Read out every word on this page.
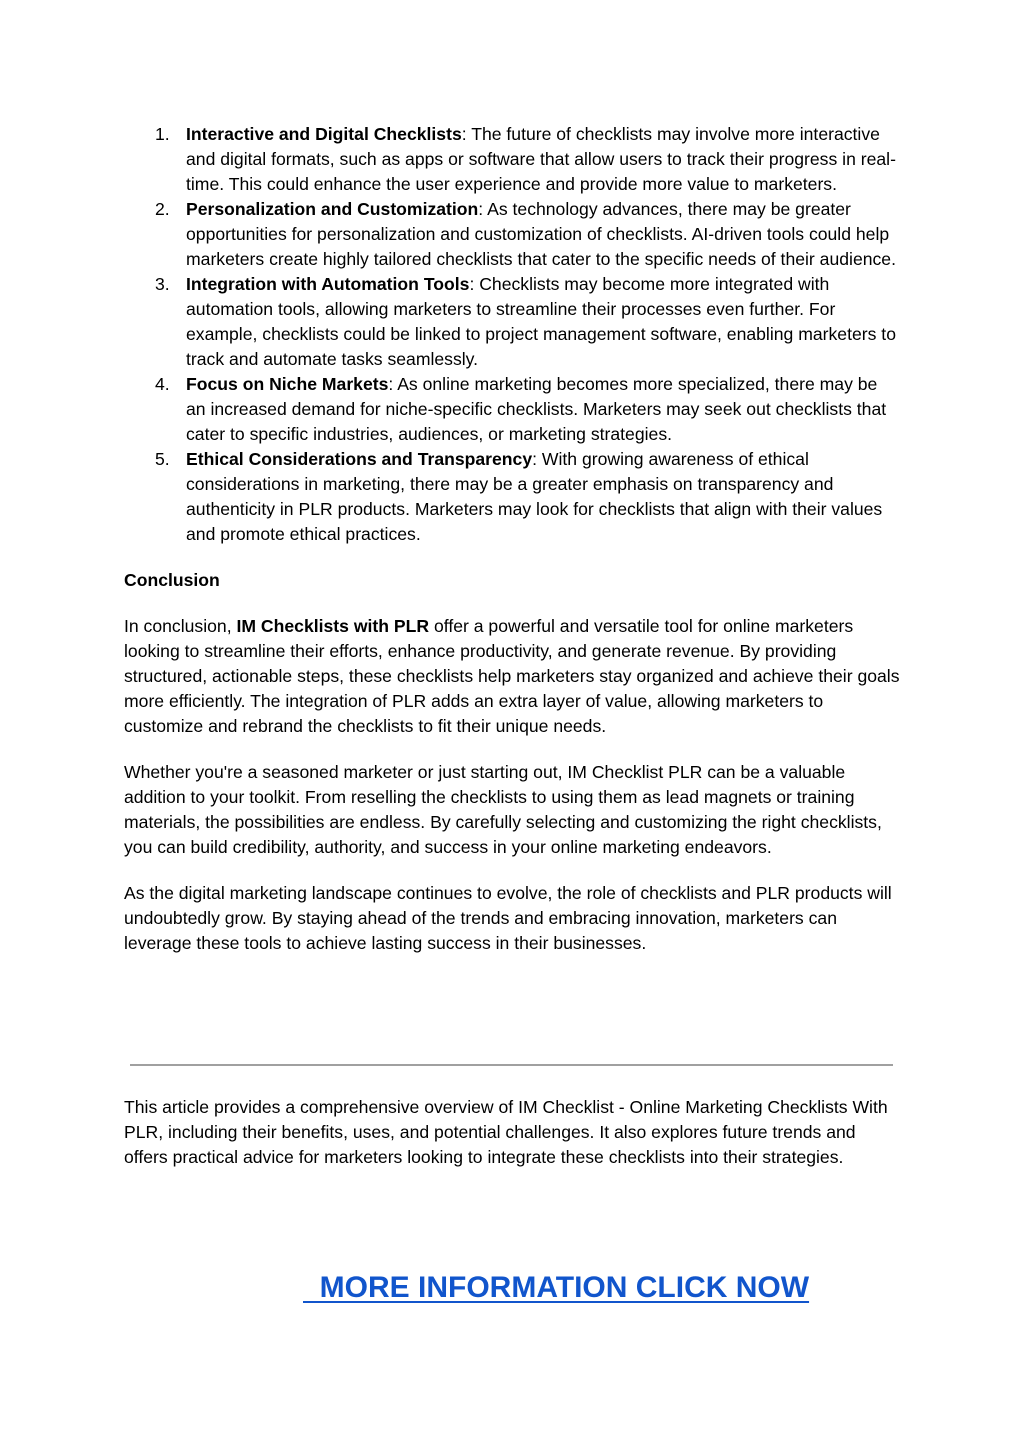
1. Interactive and Digital Checklists: The future of checklists may involve more interactive and digital formats, such as apps or software that allow users to track their progress in real-time. This could enhance the user experience and provide more value to marketers.
2. Personalization and Customization: As technology advances, there may be greater opportunities for personalization and customization of checklists. AI-driven tools could help marketers create highly tailored checklists that cater to the specific needs of their audience.
3. Integration with Automation Tools: Checklists may become more integrated with automation tools, allowing marketers to streamline their processes even further. For example, checklists could be linked to project management software, enabling marketers to track and automate tasks seamlessly.
4. Focus on Niche Markets: As online marketing becomes more specialized, there may be an increased demand for niche-specific checklists. Marketers may seek out checklists that cater to specific industries, audiences, or marketing strategies.
5. Ethical Considerations and Transparency: With growing awareness of ethical considerations in marketing, there may be a greater emphasis on transparency and authenticity in PLR products. Marketers may look for checklists that align with their values and promote ethical practices.
Conclusion

In conclusion, IM Checklists with PLR offer a powerful and versatile tool for online marketers looking to streamline their efforts, enhance productivity, and generate revenue. By providing structured, actionable steps, these checklists help marketers stay organized and achieve their goals more efficiently. The integration of PLR adds an extra layer of value, allowing marketers to customize and rebrand the checklists to fit their unique needs.

Whether you're a seasoned marketer or just starting out, IM Checklist PLR can be a valuable addition to your toolkit. From reselling the checklists to using them as lead magnets or training materials, the possibilities are endless. By carefully selecting and customizing the right checklists, you can build credibility, authority, and success in your online marketing endeavors.

As the digital marketing landscape continues to evolve, the role of checklists and PLR products will undoubtedly grow. By staying ahead of the trends and embracing innovation, marketers can leverage these tools to achieve lasting success in their businesses.

This article provides a comprehensive overview of IM Checklist - Online Marketing Checklists With PLR, including their benefits, uses, and potential challenges. It also explores future trends and offers practical advice for marketers looking to integrate these checklists into their strategies.

MORE INFORMATION CLICK NOW
